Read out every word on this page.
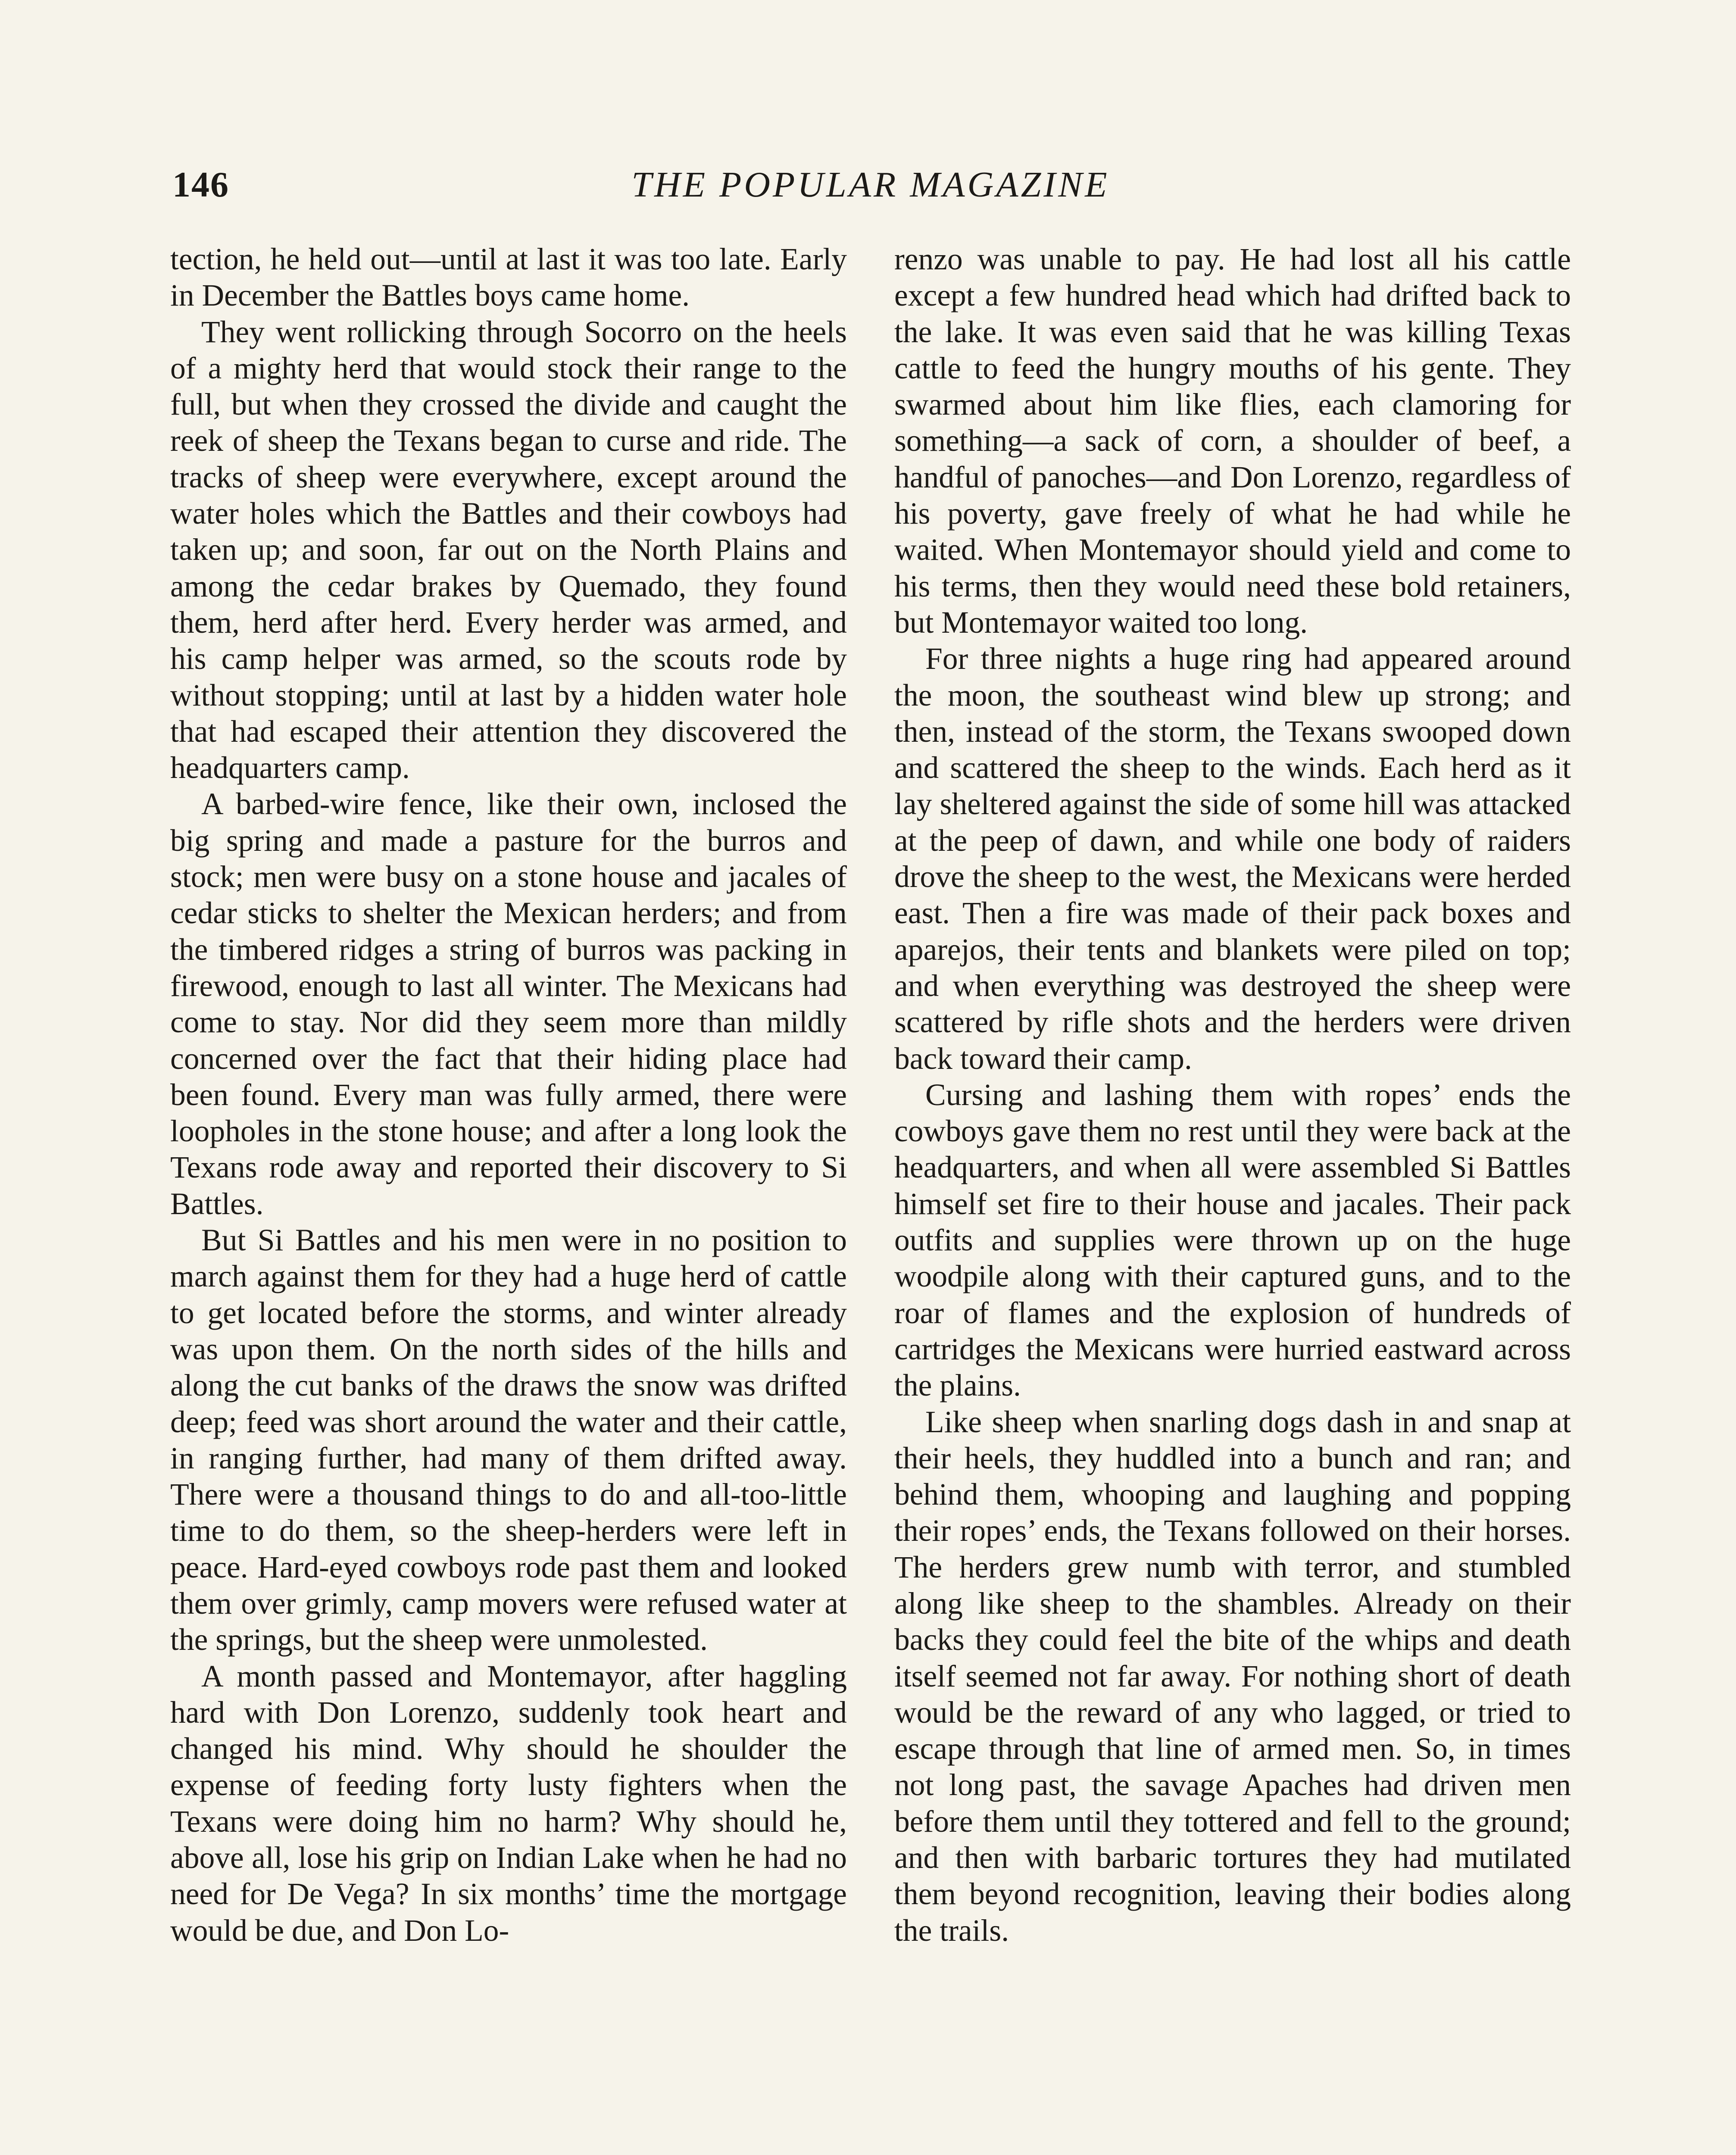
146	THE POPULAR MAGAZINE

tection, he held out—until at last it was too late. Early in December the Battles boys came home.

They went rollicking through Socorro on the heels of a mighty herd that would stock their range to the full, but when they crossed the divide and caught the reek of sheep the Texans began to curse and ride. The tracks of sheep were everywhere, except around the water holes which the Battles and their cowboys had taken up; and soon, far out on the North Plains and among the cedar brakes by Quemado, they found them, herd after herd. Every herder was armed, and his camp helper was armed, so the scouts rode by without stopping; until at last by a hidden water hole that had escaped their attention they discovered the headquarters camp.

A barbed-wire fence, like their own, inclosed the big spring and made a pasture for the burros and stock; men were busy on a stone house and jacales of cedar sticks to shelter the Mexican herders; and from the timbered ridges a string of burros was packing in firewood, enough to last all winter. The Mexicans had come to stay. Nor did they seem more than mildly concerned over the fact that their hiding place had been found. Every man was fully armed, there were loopholes in the stone house; and after a long look the Texans rode away and reported their discovery to Si Battles.

But Si Battles and his men were in no position to march against them for they had a huge herd of cattle to get located before the storms, and winter already was upon them. On the north sides of the hills and along the cut banks of the draws the snow was drifted deep; feed was short around the water and their cattle, in ranging further, had many of them drifted away. There were a thousand things to do and all-too-little time to do them, so the sheep-herders were left in peace. Hard-eyed cowboys rode past them and looked them over grimly, camp movers were refused water at the springs, but the sheep were unmolested.

A month passed and Montemayor, after haggling hard with Don Lorenzo, suddenly took heart and changed his mind. Why should he shoulder the expense of feeding forty lusty fighters when the Texans were doing him no harm? Why should he, above all, lose his grip on Indian Lake when he had no need for De Vega? In six months’ time the mortgage would be due, and Don Lo-

renzo was unable to pay. He had lost all his cattle except a few hundred head which had drifted back to the lake. It was even said that he was killing Texas cattle to feed the hungry mouths of his gente. They swarmed about him like flies, each clamoring for something—a sack of corn, a shoulder of beef, a handful of panoches—and Don Lorenzo, regardless of his poverty, gave freely of what he had while he waited. When Montemayor should yield and come to his terms, then they would need these bold retainers, but Montemayor waited too long.

For three nights a huge ring had appeared around the moon, the southeast wind blew up strong; and then, instead of the storm, the Texans swooped down and scattered the sheep to the winds. Each herd as it lay sheltered against the side of some hill was attacked at the peep of dawn, and while one body of raiders drove the sheep to the west, the Mexicans were herded east. Then a fire was made of their pack boxes and aparejos, their tents and blankets were piled on top; and when everything was destroyed the sheep were scattered by rifle shots and the herders were driven back toward their camp.

Cursing and lashing them with ropes’ ends the cowboys gave them no rest until they were back at the headquarters, and when all were assembled Si Battles himself set fire to their house and jacales. Their pack outfits and supplies were thrown up on the huge woodpile along with their captured guns, and to the roar of flames and the explosion of hundreds of cartridges the Mexicans were hurried eastward across the plains.

Like sheep when snarling dogs dash in and snap at their heels, they huddled into a bunch and ran; and behind them, whooping and laughing and popping their ropes’ ends, the Texans followed on their horses. The herders grew numb with terror, and stumbled along like sheep to the shambles. Already on their backs they could feel the bite of the whips and death itself seemed not far away. For nothing short of death would be the reward of any who lagged, or tried to escape through that line of armed men. So, in times not long past, the savage Apaches had driven men before them until they tottered and fell to the ground; and then with barbaric tortures they had mutilated them beyond recognition, leaving their bodies along the trails.
